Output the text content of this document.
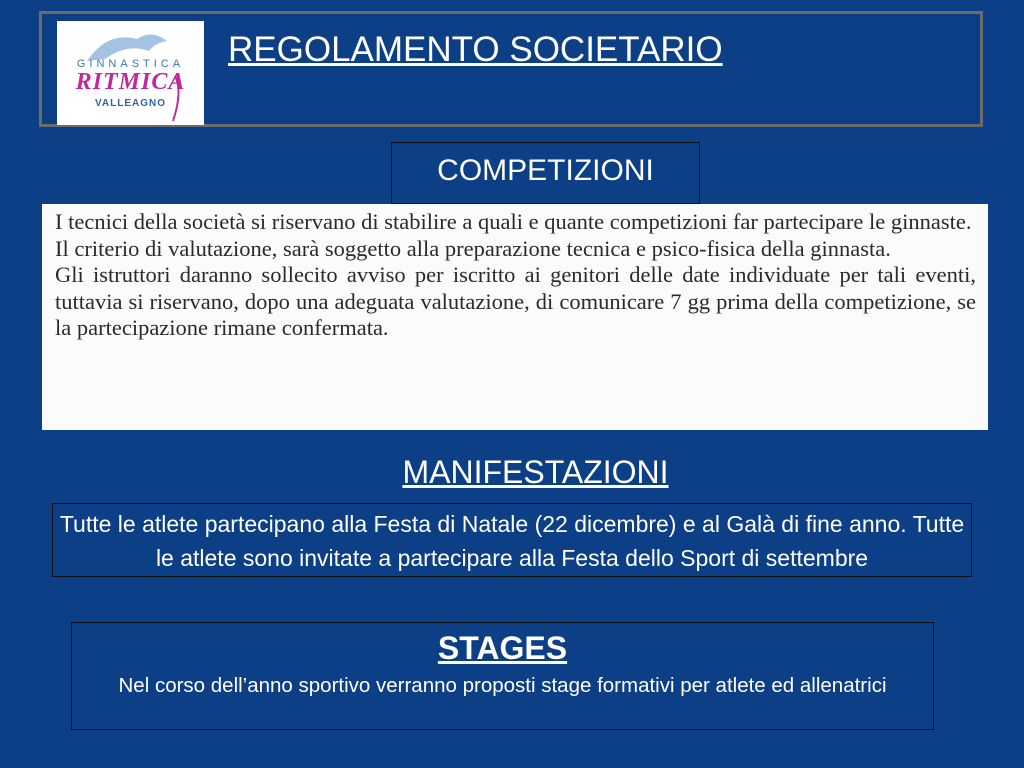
GINNASTICA
RITMICA
VALLEAGNO
REGOLAMENTO SOCIETARIO
COMPETIZIONI

I tecnici della società si riservano di stabilire a quali e quante competizioni far partecipare le ginnaste.

Il criterio di valutazione, sarà soggetto alla preparazione tecnica e psico-fisica della ginnasta.

Gli istruttori daranno sollecito avviso per iscritto ai genitori delle date individuate per tali eventi, tuttavia si riservano, dopo una adeguata valutazione, di comunicare 7 gg prima della competizione, se la partecipazione rimane confermata.

MANIFESTAZIONI
Tutte le atlete partecipano alla Festa di Natale (22 dicembre) e al Galà di fine anno. Tutte le atlete sono invitate a partecipare alla Festa dello Sport di settembre
STAGES
Nel corso dell’anno sportivo verranno proposti stage formativi per atlete ed allenatrici
